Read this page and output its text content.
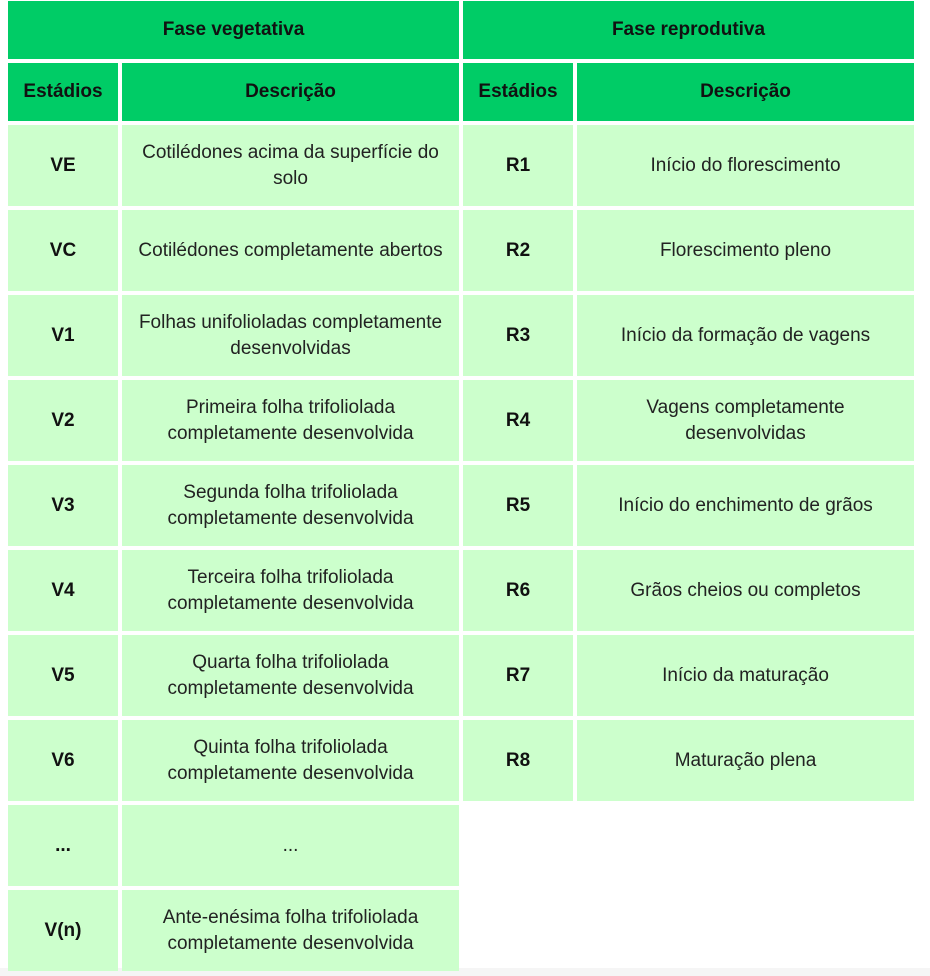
Fase vegetativa		Fase reprodutiva	
Estádios	Descrição	Estádios	Descrição
VE	Cotilédones acima da superfície do solo	R1	Início do florescimento
VC	Cotilédones completamente abertos	R2	Florescimento pleno
V1	Folhas unifolioladas completamente desenvolvidas	R3	Início da formação de vagens
V2	Primeira folha trifoliolada completamente desenvolvida	R4	Vagens completamente desenvolvidas
V3	Segunda folha trifoliolada completamente desenvolvida	R5	Início do enchimento de grãos
V4	Terceira folha trifoliolada completamente desenvolvida	R6	Grãos cheios ou completos
V5	Quarta folha trifoliolada completamente desenvolvida	R7	Início da maturação
V6	Quinta folha trifoliolada completamente desenvolvida	R8	Maturação plena
...	...		
V(n)	Ante-enésima folha trifoliolada completamente desenvolvida		
